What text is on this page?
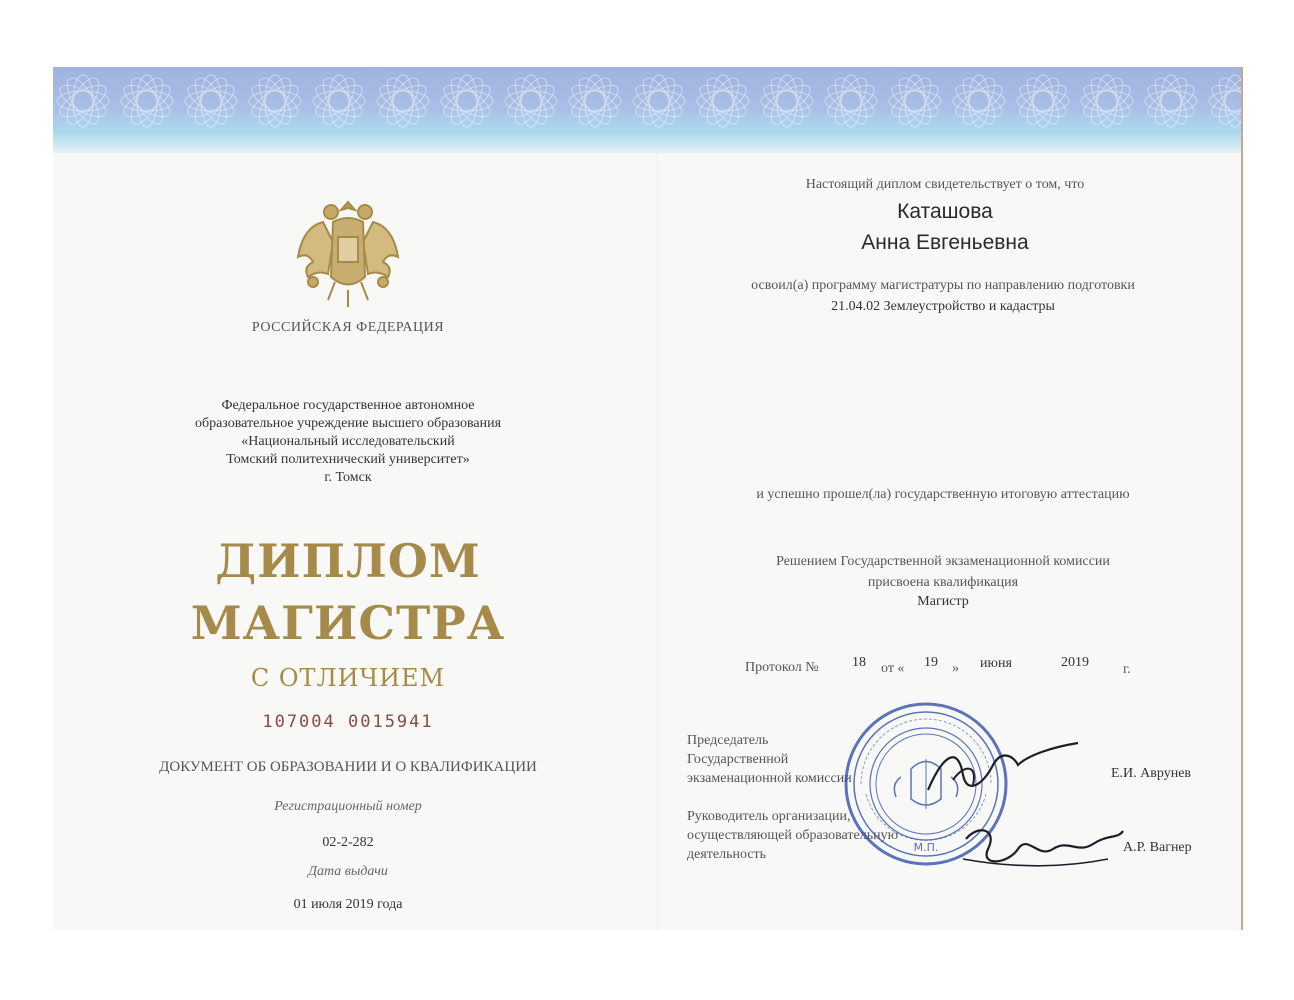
РОССИЙСКАЯ ФЕДЕРАЦИЯ
Федеральное государственное автономное
образовательное учреждение высшего образования
«Национальный исследовательский
Томский политехнический университет»
г. Томск
ДИПЛОМ
МАГИСТРА
С ОТЛИЧИЕМ
107004 0015941
ДОКУМЕНТ ОБ ОБРАЗОВАНИИ И О КВАЛИФИКАЦИИ
Регистрационный номер
02-2-282
Дата выдачи
01 июля 2019 года
Настоящий диплом свидетельствует о том, что
Каташова
Анна Евгеньевна
освоил(а) программу магистратуры по направлению подготовки
21.04.02 Землеустройство и кадастры
и успешно прошел(ла) государственную итоговую аттестацию
Решением Государственной экзаменационной комиссии
присвоена квалификация
Магистр
Протокол № 18 от « 19 » июня	2019 г.
Председатель
Государственной
экзаменационной комиссии	Е.И. Аврунев
Руководитель организации,
осуществляющей образовательную
деятельность	А.Р. Вагнер
М.П.
